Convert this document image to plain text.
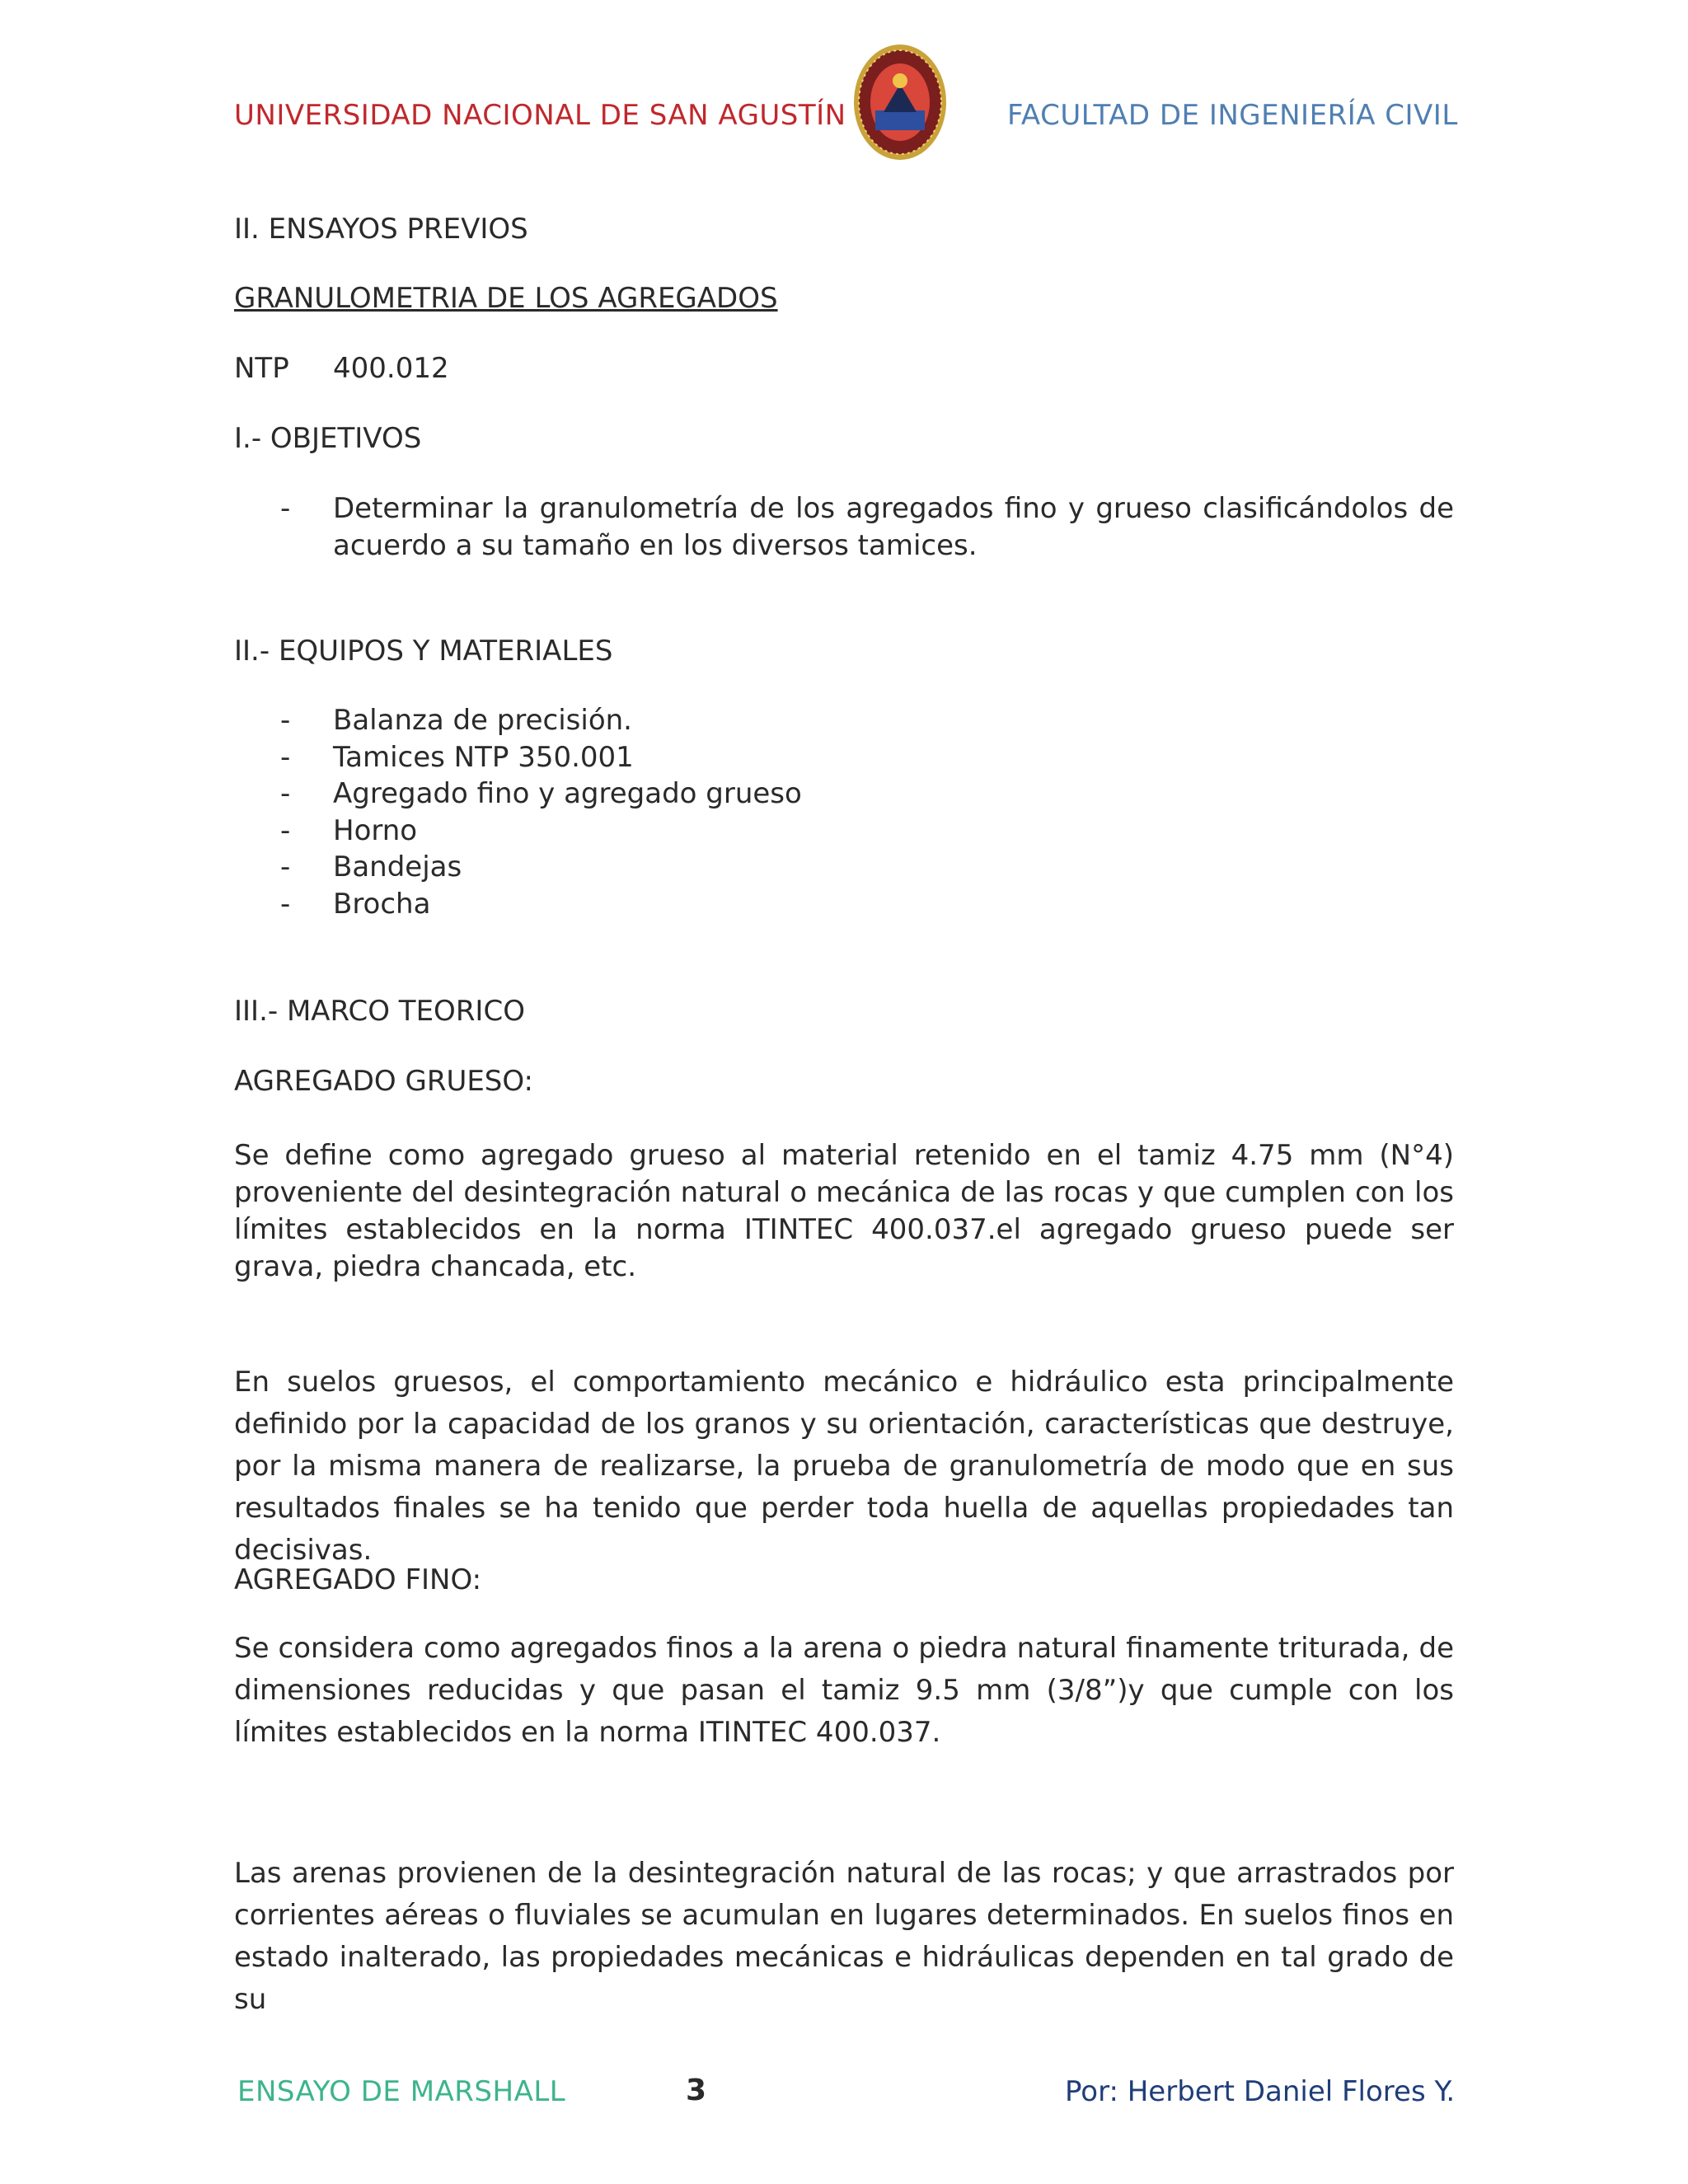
UNIVERSIDAD NACIONAL DE SAN AGUSTÍN	FACULTAD DE INGENIERÍA CIVIL
II. ENSAYOS PREVIOS
GRANULOMETRIA DE LOS AGREGADOS
NTP 400.012
I.- OBJETIVOS
- Determinar la granulometría de los agregados fino y grueso clasificándolos de acuerdo a su tamaño en los diversos tamices.
II.- EQUIPOS Y MATERIALES
- Balanza de precisión.
- Tamices NTP 350.001
- Agregado fino y agregado grueso
- Horno
- Bandejas
- Brocha
III.- MARCO TEORICO
AGREGADO GRUESO:
Se define como agregado grueso al material retenido en el tamiz 4.75 mm (N°4) proveniente del desintegración natural o mecánica de las rocas y que cumplen con los límites establecidos en la norma ITINTEC 400.037.el agregado grueso puede ser grava, piedra chancada, etc.
En suelos gruesos, el comportamiento mecánico e hidráulico esta principalmente definido por la capacidad de los granos y su orientación, características que destruye, por la misma manera de realizarse, la prueba de granulometría de modo que en sus resultados finales se ha tenido que perder toda huella de aquellas propiedades tan decisivas.
AGREGADO FINO:
Se considera como agregados finos a la arena o piedra natural finamente triturada, de dimensiones reducidas y que pasan el tamiz 9.5 mm (3/8”)y que cumple con los límites establecidos en la norma ITINTEC 400.037.
Las arenas provienen de la desintegración natural de las rocas; y que arrastrados por corrientes aéreas o fluviales se acumulan en lugares determinados. En suelos finos en estado inalterado, las propiedades mecánicas e hidráulicas dependen en tal grado de su
ENSAYO DE MARSHALL	3	Por: Herbert Daniel Flores Y.
